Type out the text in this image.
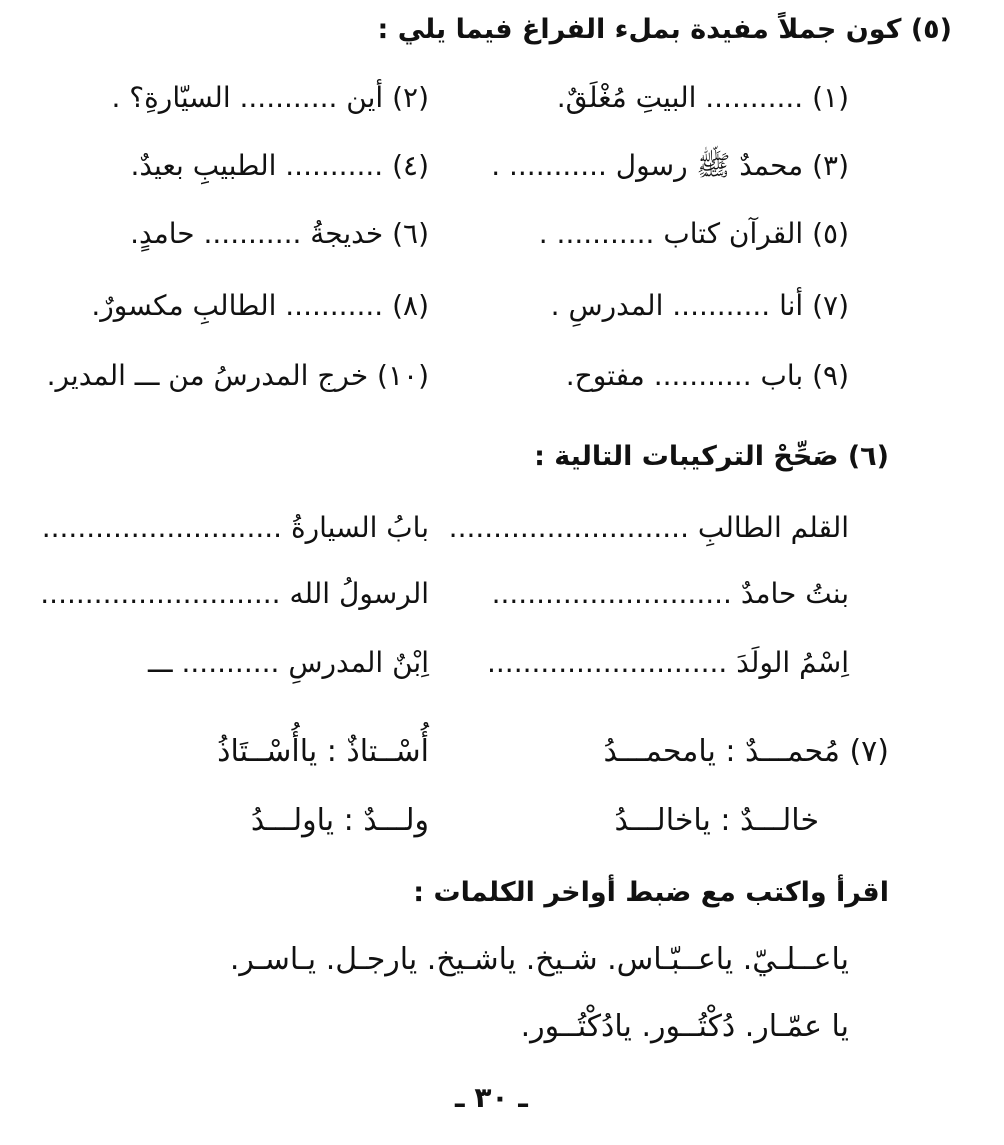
(٥) كون جملاً مفيدة بملء الفراغ فيما يلي :
(١) ........... البيتِ مُغْلَقٌ.
(٢) أين ........... السيّارةِ؟ .
(٣) محمدٌ ﷺ رسول ........... .
(٤) ........... الطبيبِ بعيدٌ.
(٥) القرآن كتاب ........... .
(٦) خديجةُ ........... حامدٍ.
(٧) أنا ........... المدرسِ .
(٨) ........... الطالبِ مكسورٌ.
(٩) باب ........... مفتوح.
(١٠) خرج المدرسُ من ـــ المدير.
(٦) صَحِّحْ التركيبات التالية :
القلم الطالبِ ...........................
بابُ السيارةُ ...........................
بنتُ حامدٌ ...........................
الرسولُ الله ...........................
اِسْمُ الولَدَ ...........................
اِبْنٌ المدرسِ ........... ـــ
(٧) مُحمـــدٌ : يامحمـــدُ
أُسْــتاذٌ : ياأُسْــتَاذُ
خالـــدٌ : ياخالـــدُ
ولـــدٌ : ياولـــدُ
اقرأ واكتب مع ضبط أواخر الكلمات :
ياعــلـيّ. ياعــبّـاس. شـيخ. ياشـيخ. يارجـل. يـاسـر.
يا عمّـار. دُكْتُــور. يادُكْتُــور.
ـ ٣٠ ـ
